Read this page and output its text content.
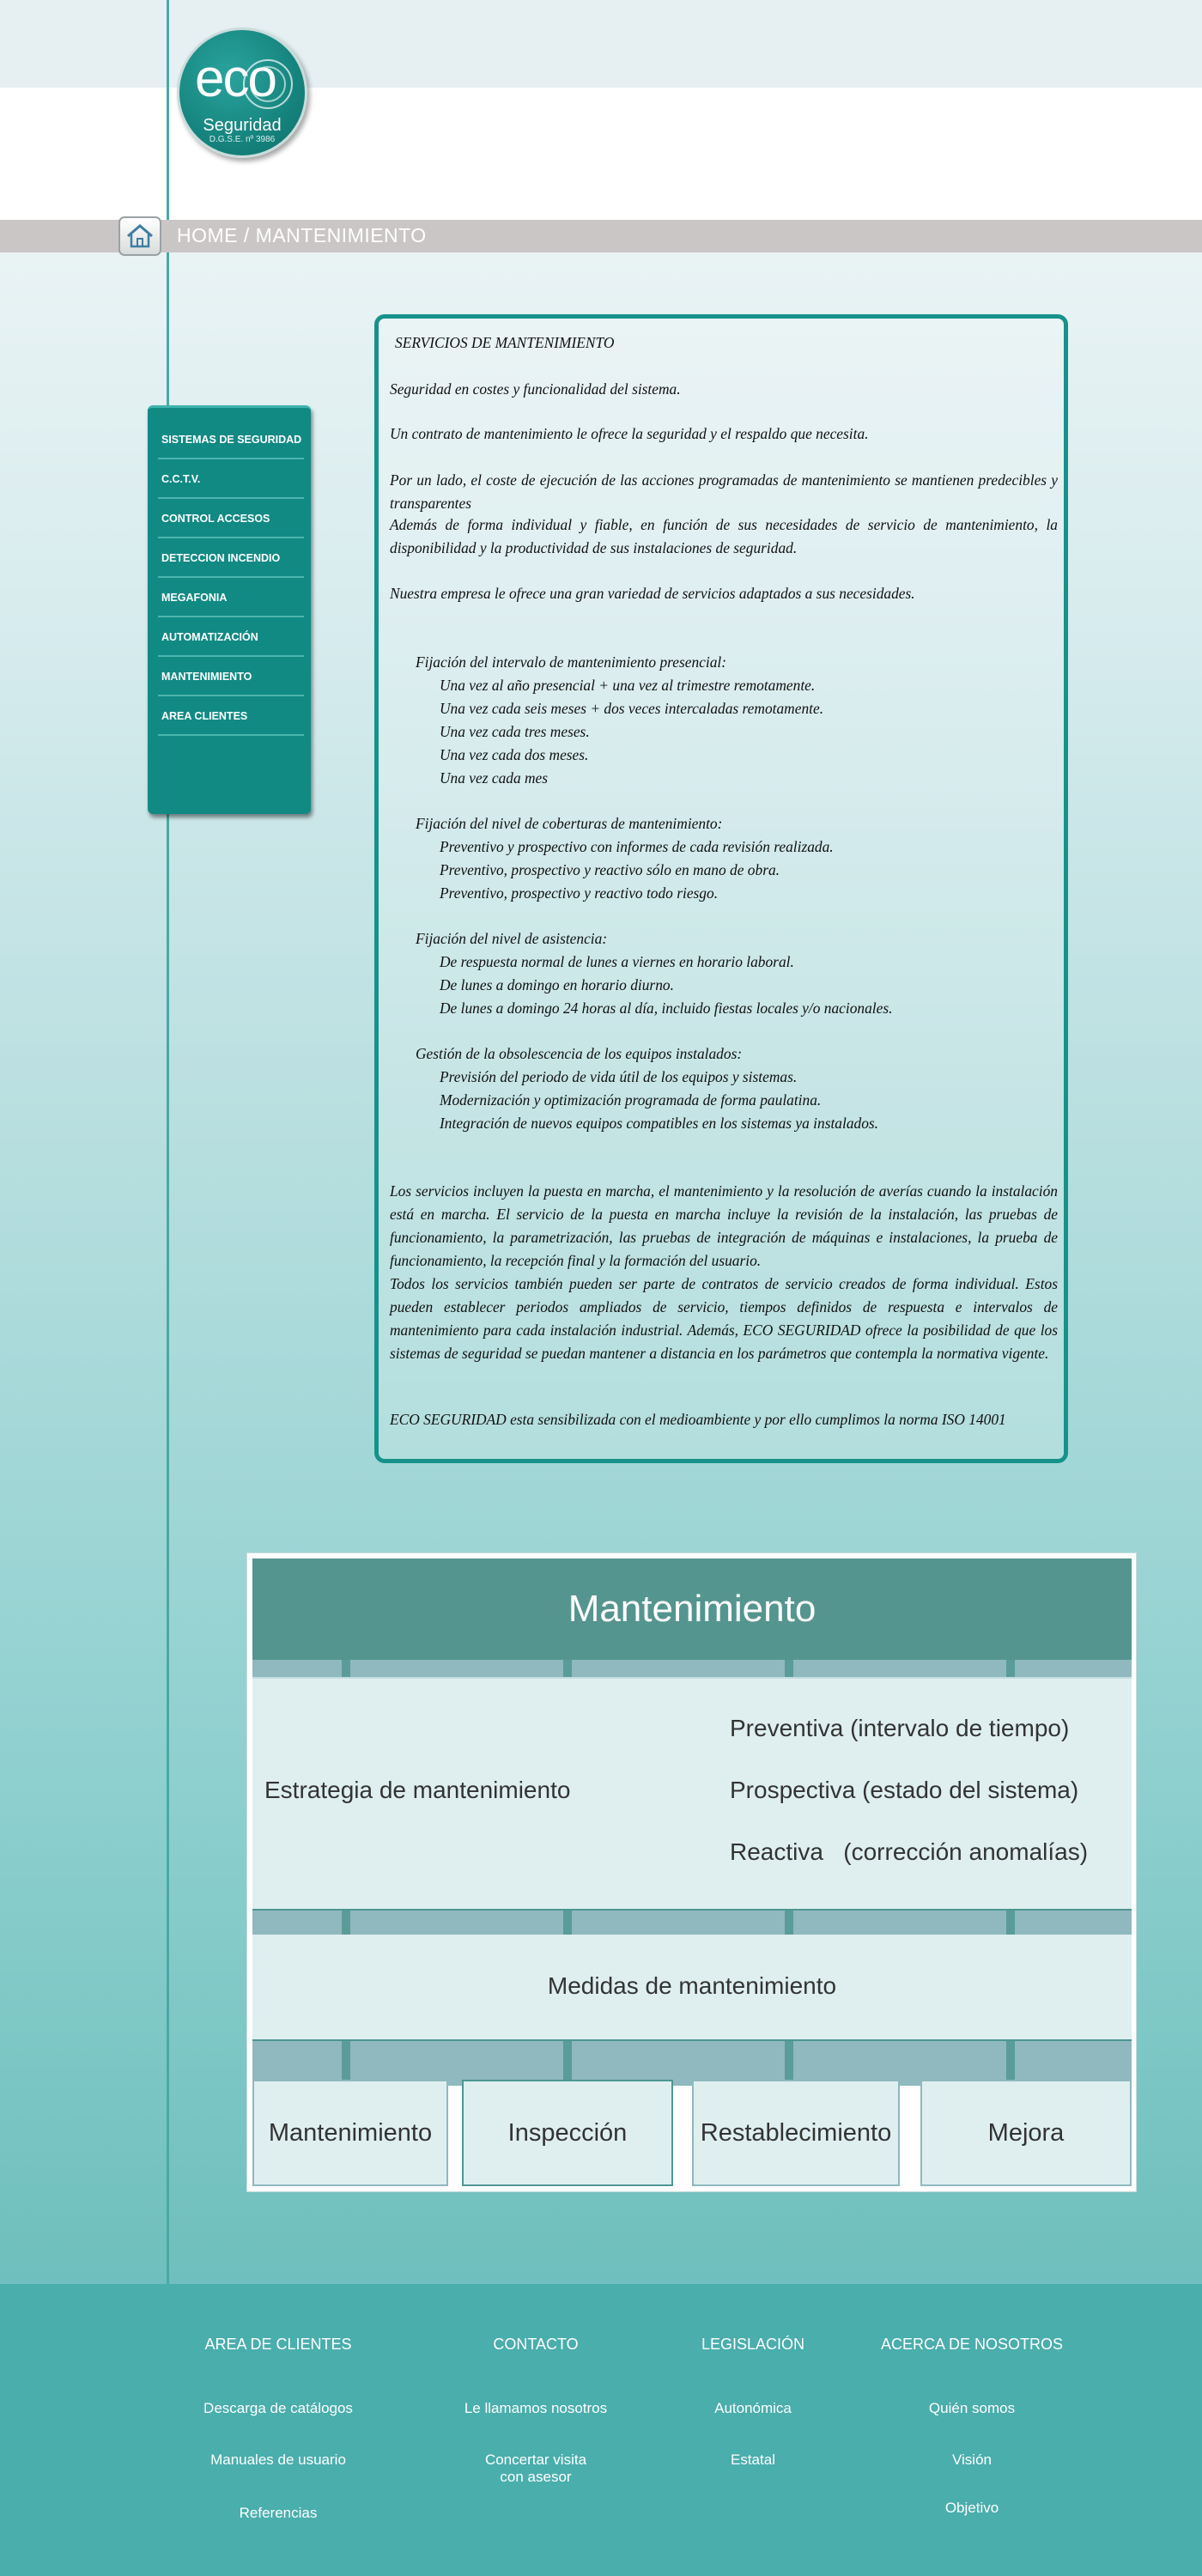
eco
Seguridad
D.G.S.E. nº 3986
HOME / MANTENIMIENTO
SISTEMAS DE SEGURIDAD
C.C.T.V.
CONTROL ACCESOS
DETECCION INCENDIO
MEGAFONIA
AUTOMATIZACIÓN
MANTENIMIENTO
AREA CLIENTES
SERVICIOS DE MANTENIMIENTO
Seguridad en costes y funcionalidad del sistema.
Un contrato de mantenimiento le ofrece la seguridad y el respaldo que necesita.
Por un lado, el coste de ejecución de las acciones programadas de mantenimiento se mantienen predecibles y transparentes
Además de forma individual y fiable, en función de sus necesidades de servicio de mantenimiento, la disponibilidad y la productividad de sus instalaciones de seguridad.
Nuestra empresa le ofrece una gran variedad de servicios adaptados a sus necesidades.
Fijación del intervalo de mantenimiento presencial:
Una vez al año presencial + una vez al trimestre remotamente.
Una vez cada seis meses + dos veces intercaladas remotamente.
Una vez cada tres meses.
Una vez cada dos meses.
Una vez cada mes
Fijación del nivel de coberturas de mantenimiento:
Preventivo y prospectivo con informes de cada revisión realizada.
Preventivo, prospectivo y reactivo sólo en mano de obra.
Preventivo, prospectivo y reactivo todo riesgo.
Fijación del nivel de asistencia:
De respuesta normal de lunes a viernes en horario laboral.
De lunes a domingo en horario diurno.
De lunes a domingo 24 horas al día, incluido fiestas locales y/o nacionales.
Gestión de la obsolescencia de los equipos instalados:
Previsión del periodo de vida útil de los equipos y sistemas.
Modernización y optimización programada de forma paulatina.
Integración de nuevos equipos compatibles en los sistemas ya instalados.
Los servicios incluyen la puesta en marcha, el mantenimiento y la resolución de averías cuando la instalación está en marcha. El servicio de la puesta en marcha incluye la revisión de la instalación, las pruebas de funcionamiento, la parametrización, las pruebas de integración de máquinas e instalaciones, la prueba de funcionamiento, la recepción final y la formación del usuario.
Todos los servicios también pueden ser parte de contratos de servicio creados de forma individual. Estos pueden establecer periodos ampliados de servicio, tiempos definidos de respuesta e intervalos de mantenimiento para cada instalación industrial. Además, ECO SEGURIDAD ofrece la posibilidad de que los sistemas de seguridad se puedan mantener a distancia en los parámetros que contempla la normativa vigente.
ECO SEGURIDAD esta sensibilizada con el medioambiente y por ello cumplimos la norma ISO 14001
Mantenimiento
Estrategia de mantenimiento
Preventiva (intervalo de tiempo)
Prospectiva (estado del sistema)
Reactiva   (corrección anomalías)
Medidas de mantenimiento
Mantenimiento	Inspección	Restablecimiento	Mejora
AREA DE CLIENTES
Descarga de catálogos
Manuales de usuario
Referencias
CONTACTO
Le llamamos nosotros
Concertar visita
con asesor
LEGISLACIÓN
Autonómica
Estatal
ACERCA DE NOSOTROS
Quién somos
Visión
Objetivo
